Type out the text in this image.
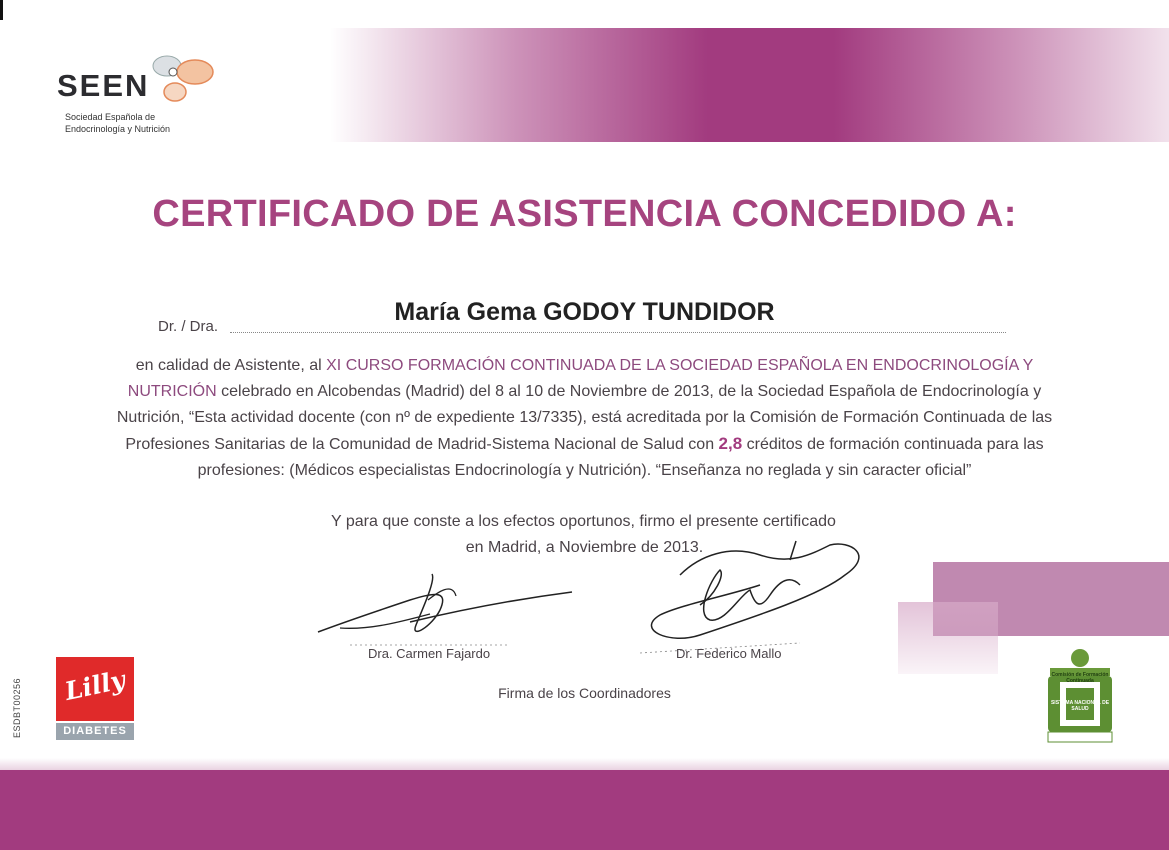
SEEN
Sociedad Española de
Endocrinología y Nutrición
CERTIFICADO DE ASISTENCIA CONCEDIDO A:
Dr. / Dra.
María Gema GODOY TUNDIDOR
en calidad de Asistente, al XI CURSO FORMACIÓN CONTINUADA DE LA SOCIEDAD ESPAÑOLA EN ENDOCRINOLOGÍA Y NUTRICIÓN celebrado en Alcobendas (Madrid) del 8 al 10 de Noviembre de 2013, de la Sociedad Española de Endocrinología y Nutrición, “Esta actividad docente (con nº de expediente 13/7335), está acreditada por la Comisión de Formación Continuada de las Profesiones Sanitarias de la Comunidad de Madrid-Sistema Nacional de Salud con 2,8 créditos de formación continuada para las profesiones: (Médicos especialistas Endocrinología y Nutrición). “Enseñanza no reglada y sin caracter oficial”
Y para que conste a los efectos oportunos, firmo el presente certificado
en Madrid, a Noviembre de 2013.
Dra. Carmen Fajardo	Dr. Federico Mallo
Firma de los Coordinadores
Lilly
DIABETES
ESDBT00256
Comisión de Formación Continuada
SISTEMA NACIONAL DE SALUD
